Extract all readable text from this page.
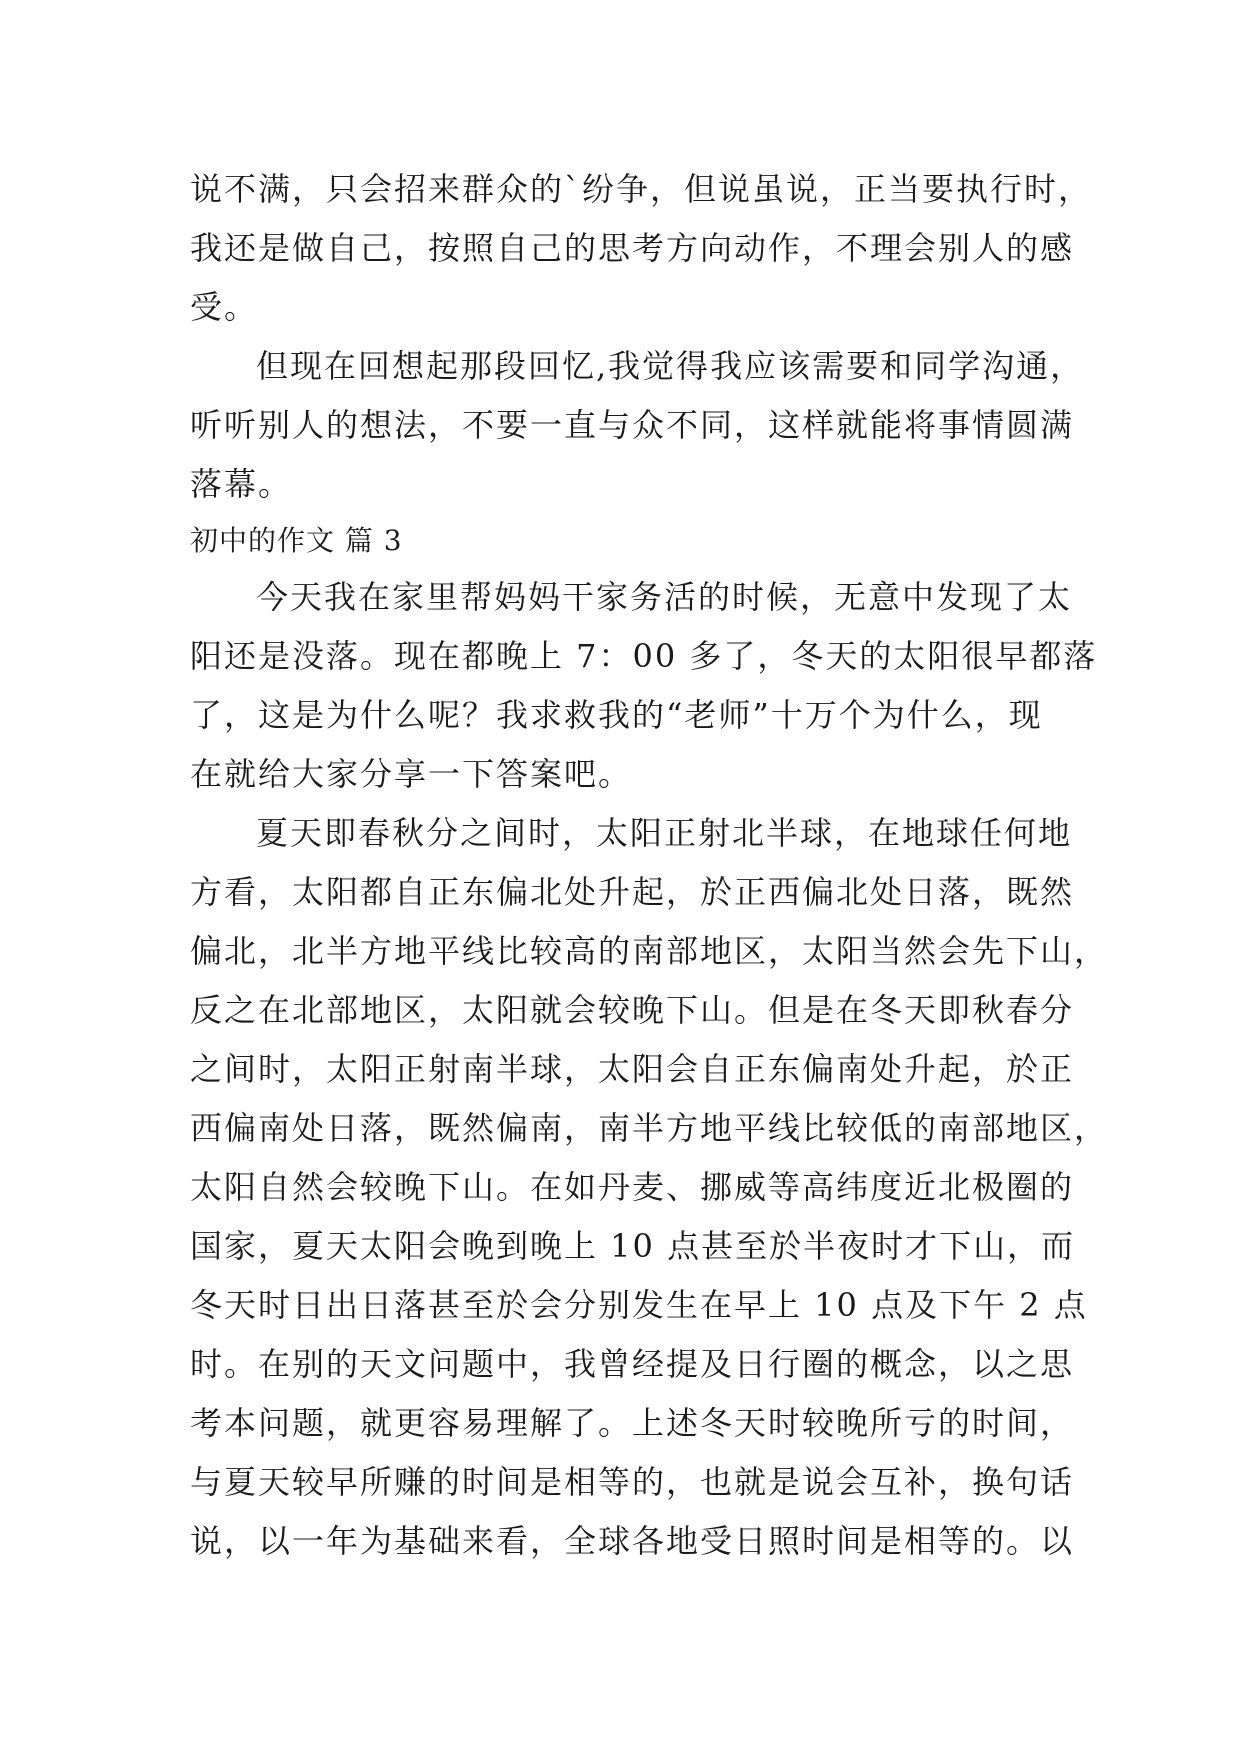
说不满，只会招来群众的`纷争，但说虽说，正当要执行时，
我还是做自己，按照自己的思考方向动作，不理会别人的感
受。
但现在回想起那段回忆,我觉得我应该需要和同学沟通，
听听别人的想法，不要一直与众不同，这样就能将事情圆满
落幕。
初中的作文 篇 3
今天我在家里帮妈妈干家务活的时候，无意中发现了太
阳还是没落。现在都晚上 7：00 多了，冬天的太阳很早都落
了，这是为什么呢？我求救我的“老师”十万个为什么，现
在就给大家分享一下答案吧。
夏天即春秋分之间时，太阳正射北半球，在地球任何地
方看，太阳都自正东偏北处升起，於正西偏北处日落，既然
偏北，北半方地平线比较高的南部地区，太阳当然会先下山，
反之在北部地区，太阳就会较晚下山。但是在冬天即秋春分
之间时，太阳正射南半球，太阳会自正东偏南处升起，於正
西偏南处日落，既然偏南，南半方地平线比较低的南部地区，
太阳自然会较晚下山。在如丹麦、挪威等高纬度近北极圈的
国家，夏天太阳会晚到晚上 10 点甚至於半夜时才下山，而
冬天时日出日落甚至於会分别发生在早上 10 点及下午 2 点
时。在别的天文问题中，我曾经提及日行圈的概念，以之思
考本问题，就更容易理解了。上述冬天时较晚所亏的时间，
与夏天较早所赚的时间是相等的，也就是说会互补，换句话
说，以一年为基础来看，全球各地受日照时间是相等的。以
